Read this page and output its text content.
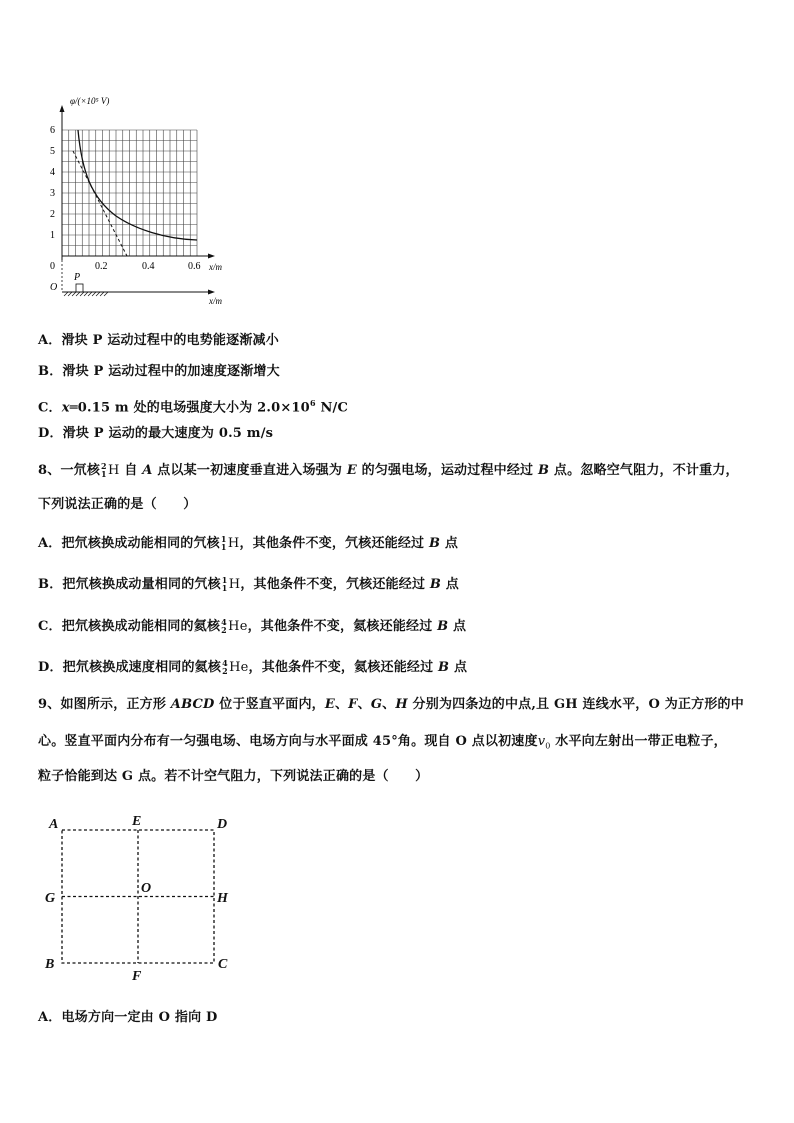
φ/(×10⁵ V)
6
5
4
3
2
1
0	0.2	0.4	0.6 x/m
P
O
x/m
A．滑块 P 运动过程中的电势能逐渐减小
B．滑块 P 运动过程中的加速度逐渐增大
C．x═0.15 m 处的电场强度大小为 $2.0\times 10^6$ N/C
D．滑块 P 运动的最大速度为 0.5 m/s
8、一氘核 2
1 H 自 A 点以某一初速度垂直进入场强为 E 的匀强电场，运动过程中经过 B 点。忽略空气阻力，不计重力，
下列说法正确的是（　　）
A．把氘核换成动能相同的氕核 1
1 H，其他条件不变，氕核还能经过 B 点
B．把氘核换成动量相同的氕核 1
1 H，其他条件不变，氕核还能经过 B 点
C．把氘核换成动能相同的氦核 4
2 He，其他条件不变，氦核还能经过 B 点
D．把氘核换成速度相同的氦核 4
2 He，其他条件不变，氦核还能经过 B 点
9、如图所示，正方形 ABCD 位于竖直平面内，E、F、G、H 分别为四条边的中点,且 GH 连线水平，O 为正方形的中
心。竖直平面内分布有一匀强电场、电场方向与水平面成 45°角。现自 O 点以初速度$v_0$ 水平向左射出一带正电粒子，
粒子恰能到达 G 点。若不计空气阻力，下列说法正确的是（　　）
A	E	D
G
O
H
B
F
C
A．电场方向一定由 O 指向 D
